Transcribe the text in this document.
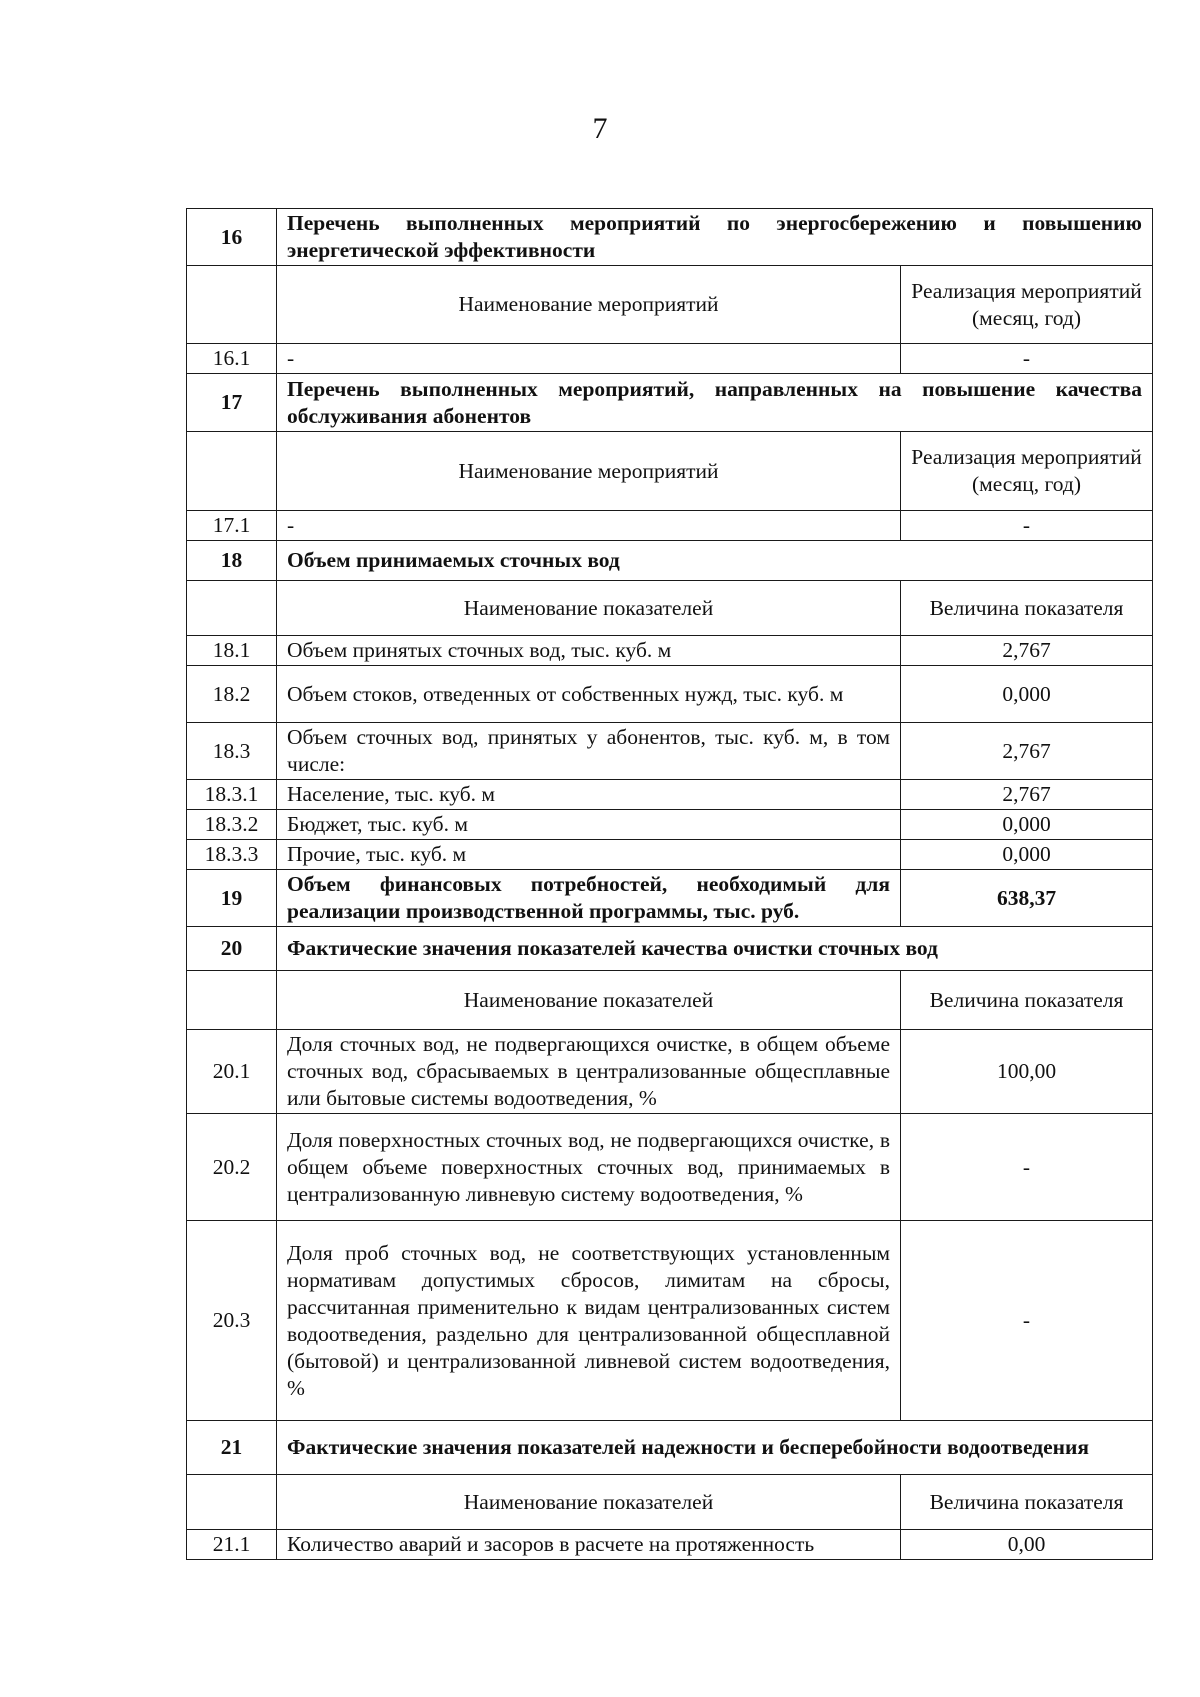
7
16	Перечень выполненных мероприятий по энергосбережению и повышению энергетической эффективности	
	Наименование мероприятий	Реализация мероприятий (месяц, год)
16.1	-	-
17	Перечень выполненных мероприятий, направленных на повышение качества обслуживания абонентов	
	Наименование мероприятий	Реализация мероприятий (месяц, год)
17.1	-	-
18	Объем принимаемых сточных вод	
	Наименование показателей	Величина показателя
18.1	Объем принятых сточных вод, тыс. куб. м	2,767
18.2	Объем стоков, отведенных от собственных нужд, тыс. куб. м	0,000
18.3	Объем сточных вод, принятых у абонентов, тыс. куб. м, в том числе:	2,767
18.3.1	Население, тыс. куб. м	2,767
18.3.2	Бюджет, тыс. куб. м	0,000
18.3.3	Прочие, тыс. куб. м	0,000
19	Объем финансовых потребностей, необходимый для реализации производственной программы, тыс. руб.	638,37
20	Фактические значения показателей качества очистки сточных вод	
	Наименование показателей	Величина показателя
20.1	Доля сточных вод, не подвергающихся очистке, в общем объеме сточных вод, сбрасываемых в централизованные общесплавные или бытовые системы водоотведения, %	100,00
20.2	Доля поверхностных сточных вод, не подвергающихся очистке, в общем объеме поверхностных сточных вод, принимаемых в централизованную ливневую систему водоотведения, %	-
20.3	Доля проб сточных вод, не соответствующих установленным нормативам допустимых сбросов, лимитам на сбросы, рассчитанная применительно к видам централизованных систем водоотведения, раздельно для централизованной общесплавной (бытовой) и централизованной ливневой систем водоотведения, %	-
21	Фактические значения показателей надежности и бесперебойности водоотведения	
	Наименование показателей	Величина показателя
21.1	Количество аварий и засоров в расчете на протяженность	0,00
